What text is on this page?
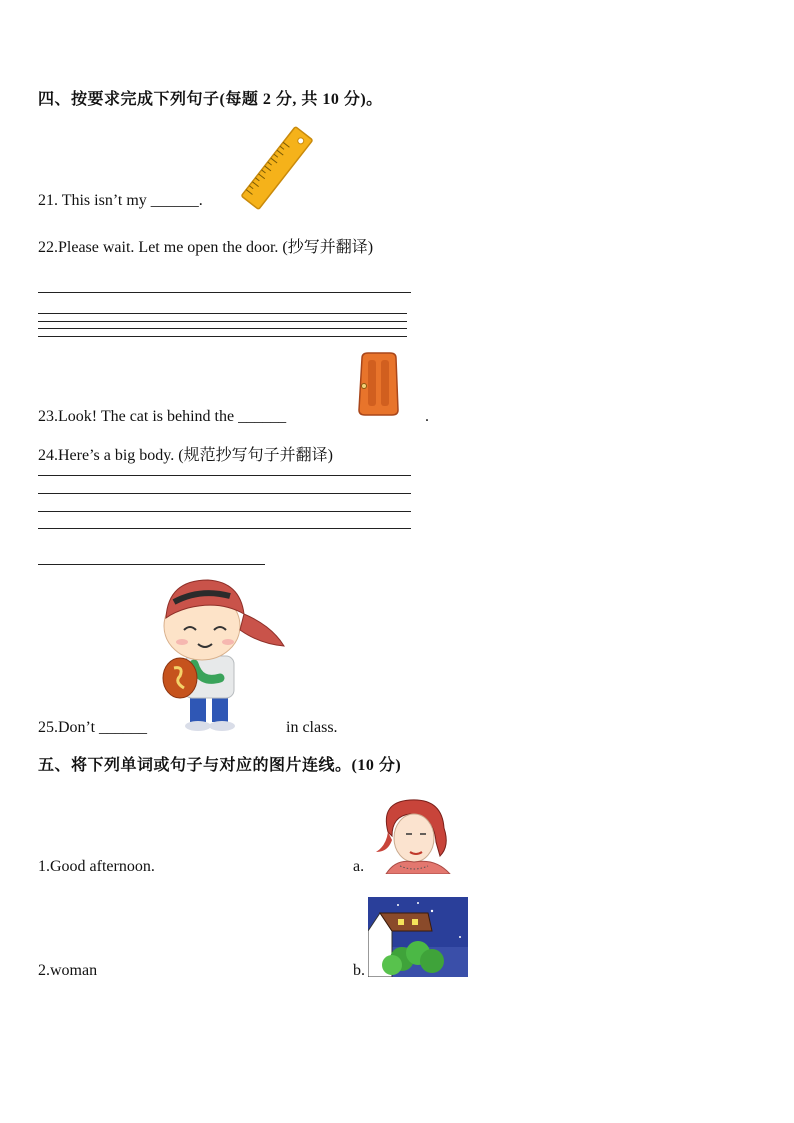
四、按要求完成下列句子(每题 2 分, 共 10 分)。
21. This isn’t my ______.
22.Please wait. Let me open the door. (抄写并翻译)
23.Look! The cat is behind the ______	.
24.Here’s a big body. (规范抄写句子并翻译)
25.Don’t ______	in class.
五、将下列单词或句子与对应的图片连线。(10 分)
1.Good afternoon.	a.
2.woman	b.
